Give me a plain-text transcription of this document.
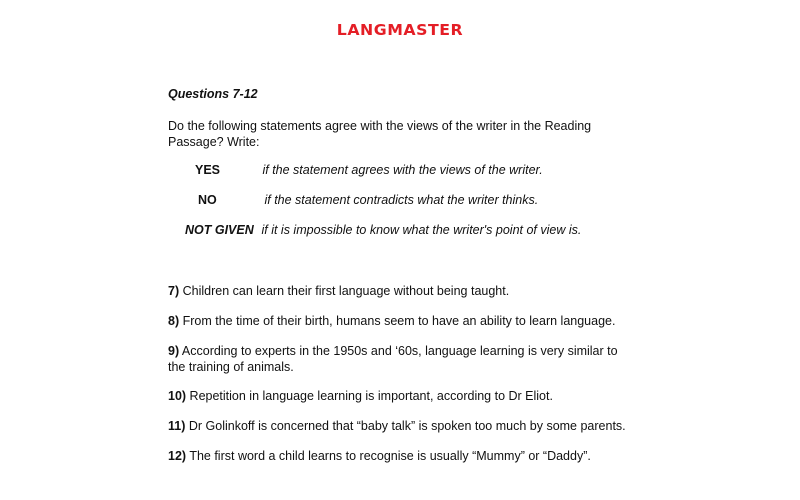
LANGMASTER
Questions 7-12
Do the following statements agree with the views of the writer in the Reading Passage? Write:
YES	if the statement agrees with the views of the writer.
NO	if the statement contradicts what the writer thinks.
NOT GIVEN if it is impossible to know what the writer's point of view is.
7) Children can learn their first language without being taught.
8) From the time of their birth, humans seem to have an ability to learn language.
9) According to experts in the 1950s and ‘60s, language learning is very similar to the training of animals.
10) Repetition in language learning is important, according to Dr Eliot.
11) Dr Golinkoff is concerned that “baby talk” is spoken too much by some parents.
12) The first word a child learns to recognise is usually “Mummy” or “Daddy”.
